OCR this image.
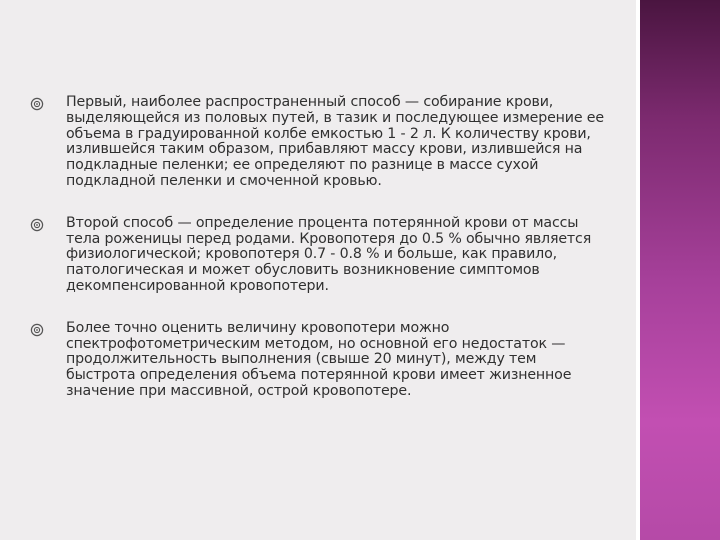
Первый, наиболее распространенный способ — собирание крови, выделяющейся из половых путей, в тазик и последующее измерение ее объема в градуированной колбе емкостью 1 - 2 л. К количеству крови, излившейся таким образом, прибавляют массу крови, излившейся на подкладные пеленки; ее определяют по разнице в массе сухой подкладной пеленки и смоченной кровью.
Второй способ — определение процента потерянной крови от массы тела роженицы перед родами. Кровопотеря до 0.5 % обычно является физиологической; кровопотеря 0.7 - 0.8 % и больше, как правило, патологическая и может обусловить возникновение симптомов декомпенсированной кровопотери.
Более точно оценить величину кровопотери можно спектрофотометрическим методом, но основной его недостаток — продолжительность выполнения (свыше 20 минут), между тем быстрота определения объема потерянной крови имеет жизненное значение при массивной, острой кровопотере.
